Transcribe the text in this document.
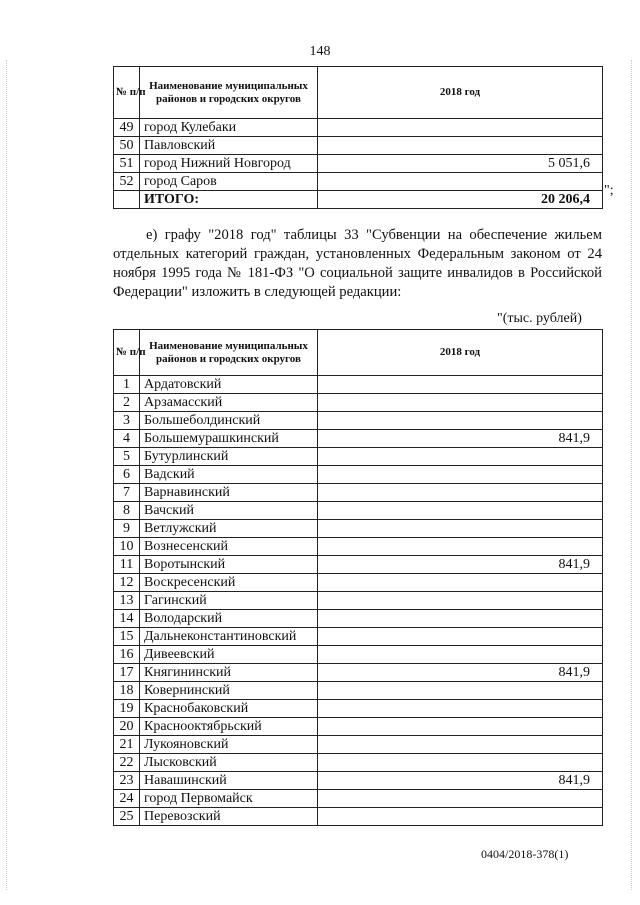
148
№ п/п	Наименование муниципальных районов и городских округов	2018 год
49	город Кулебаки	
50	Павловский	
51	город Нижний Новгород	5 051,6
52	город Саров	
	ИТОГО:	20 206,4
";
е) графу "2018 год" таблицы 33 "Субвенции на обеспечение жильем отдельных категорий граждан, установленных Федеральным законом от 24 ноября 1995 года № 181-ФЗ "О социальной защите инвалидов в Российской Федерации" изложить в следующей редакции:
"(тыс. рублей)
№ п/п	Наименование муниципальных районов и городских округов	2018 год
1	Ардатовский	
2	Арзамасский	
3	Большеболдинский	
4	Большемурашкинский	841,9
5	Бутурлинский	
6	Вадский	
7	Варнавинский	
8	Вачский	
9	Ветлужский	
10	Вознесенский	
11	Воротынский	841,9
12	Воскресенский	
13	Гагинский	
14	Володарский	
15	Дальнеконстантиновский	
16	Дивеевский	
17	Княгининский	841,9
18	Ковернинский	
19	Краснобаковский	
20	Краснооктябрьский	
21	Лукояновский	
22	Лысковский	
23	Навашинский	841,9
24	город Первомайск	
25	Перевозский	
0404/2018-378(1)
